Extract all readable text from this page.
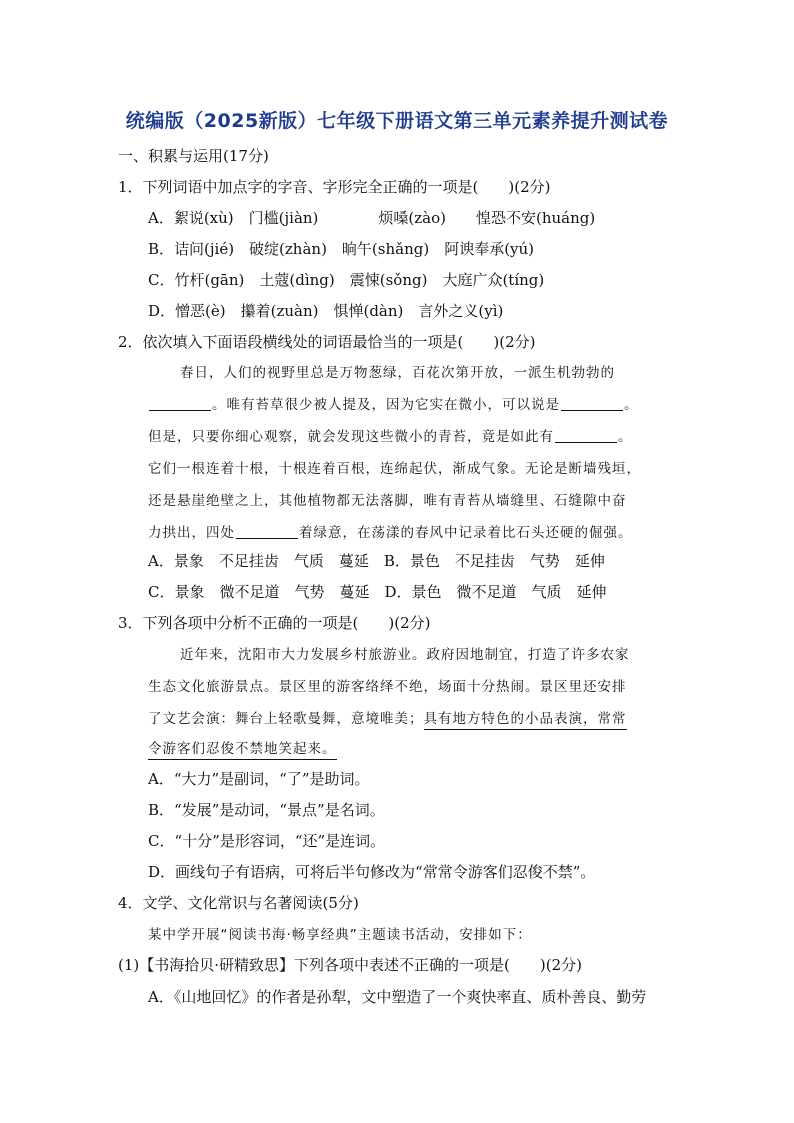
统编版（2025新版）七年级下册语文第三单元素养提升测试卷
一、积累与运用(17分)
1．下列词语中加点字的字音、字形完全正确的一项是(　　)(2分)
A．絮说(xù)　门槛(jiàn)　　　　烦嗓(zào)　　惶恐不安(huáng)
B．诘问(jié)　破绽(zhàn)　晌午(shǎng)　阿谀奉承(yú)
C．竹杆(gān)　土蔻(dìng)　震悚(sǒng)　大庭广众(tíng)
D．憎恶(è)　攥着(zuàn)　惧惮(dàn)　言外之义(yì)
2．依次填入下面语段横线处的词语最恰当的一项是(　　)(2分)
春日，人们的视野里总是万物葱绿，百花次第开放，一派生机勃勃的
。唯有苔草很少被人提及，因为它实在微小，可以说是	。
但是，只要你细心观察，就会发现这些微小的青苔，竟是如此有	。
它们一根连着十根，十根连着百根，连绵起伏，渐成气象。无论是断墙残垣，
还是悬崖绝壁之上，其他植物都无法落脚，唯有青苔从墙缝里、石缝隙中奋
力拱出，四处	着绿意，在荡漾的春风中记录着比石头还硬的倔强。
A．景象　不足挂齿　气质　蔓延　B．景色　不足挂齿　气势　延伸
C．景象　微不足道　气势　蔓延　D．景色　微不足道　气质　延伸
3．下列各项中分析不正确的一项是(　　)(2分)
近年来，沈阳市大力发展乡村旅游业。政府因地制宜，打造了许多农家
生态文化旅游景点。景区里的游客络绎不绝，场面十分热闹。景区里还安排
了文艺会演：舞台上轻歌曼舞，意境唯美；具有地方特色的小品表演，常常
令游客们忍俊不禁地笑起来。
A．“大力”是副词，“了”是助词。
B．“发展”是动词，“景点”是名词。
C．“十分”是形容词，“还”是连词。
D．画线句子有语病，可将后半句修改为“常常令游客们忍俊不禁”。
4．文学、文化常识与名著阅读(5分)
某中学开展“阅读书海·畅享经典”主题读书活动，安排如下：
(1)【书海拾贝·研精致思】下列各项中表述不正确的一项是(　　)(2分)
A．《山地回忆》的作者是孙犁，文中塑造了一个爽快率直、质朴善良、勤劳
